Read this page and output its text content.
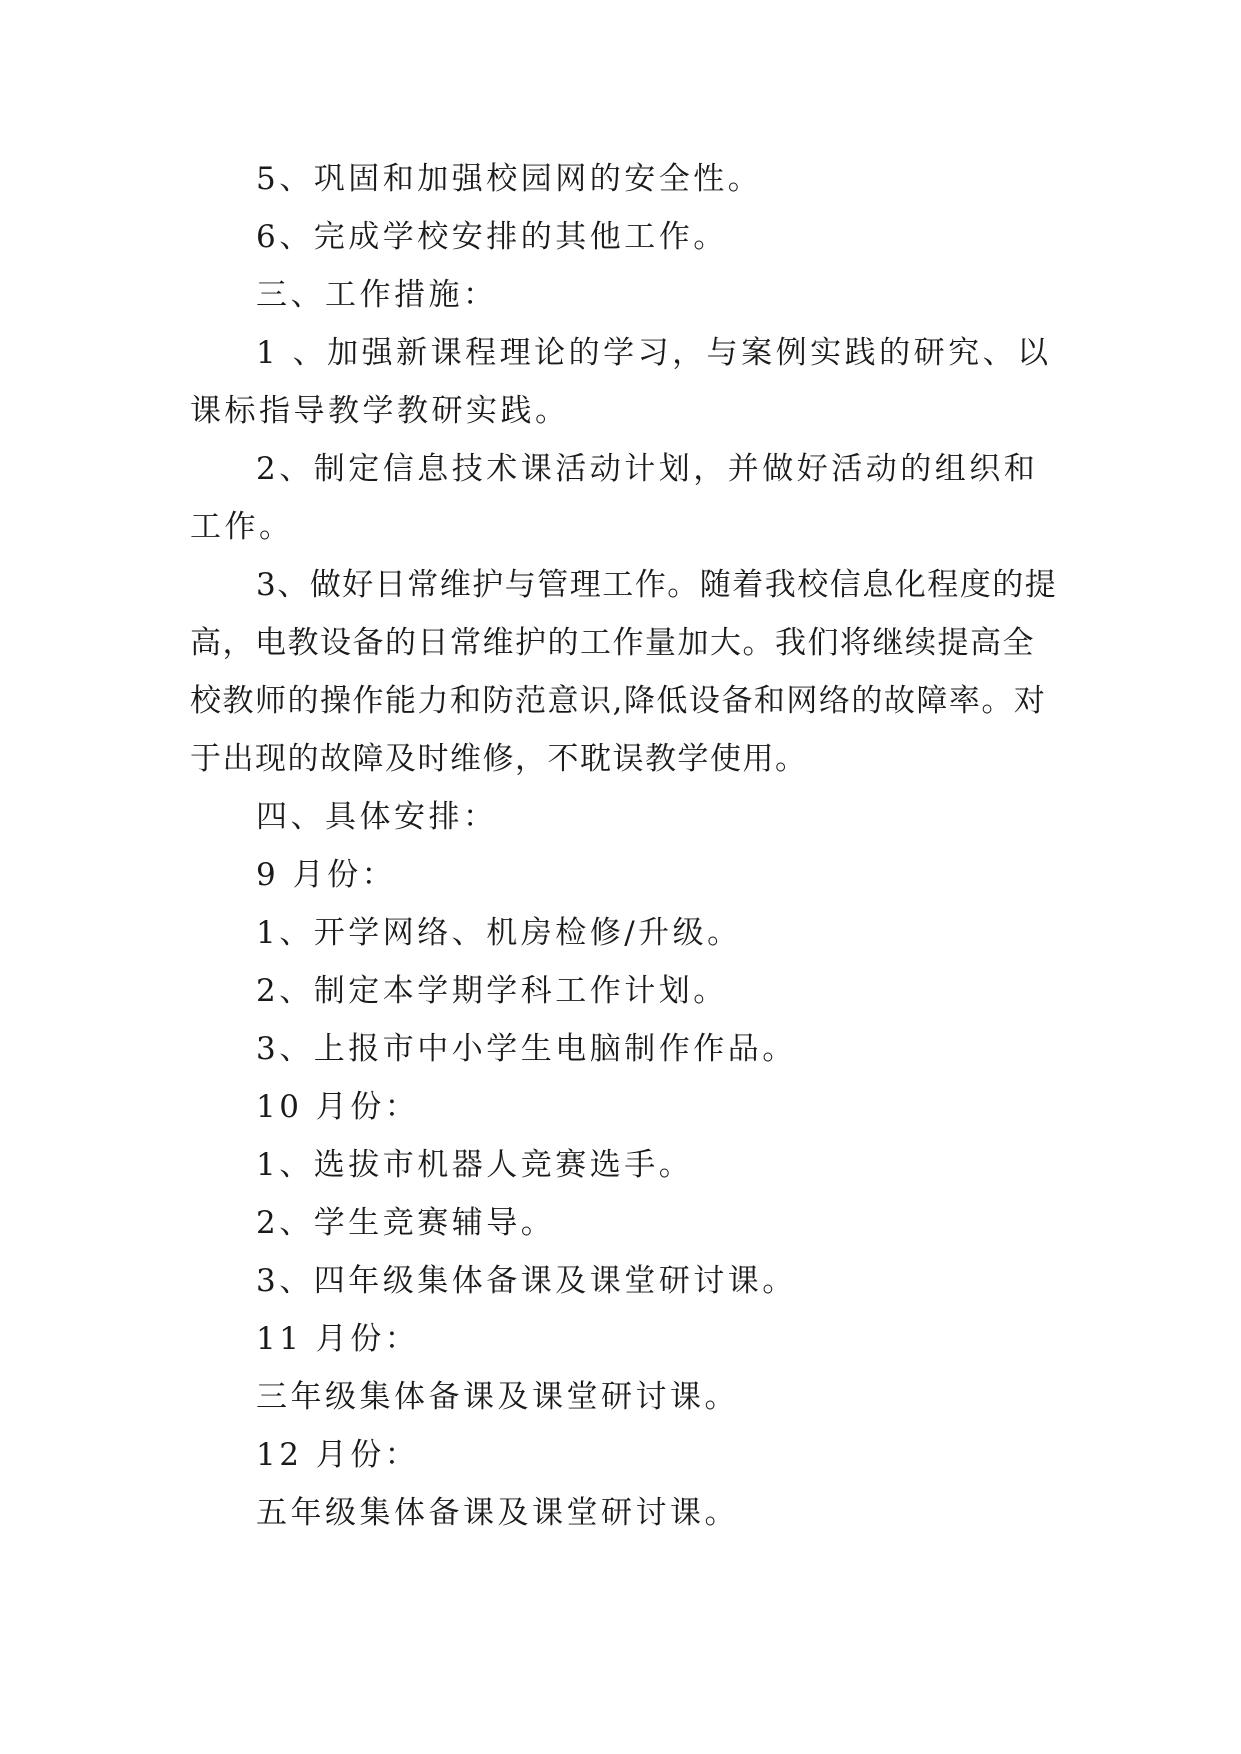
5、巩固和加强校园网的安全性。

6、完成学校安排的其他工作。

三、工作措施：

1 、加强新课程理论的学习，与案例实践的研究、以课标指导教学教研实践。

2、制定信息技术课活动计划，并做好活动的组织和工作。

3、做好日常维护与管理工作。随着我校信息化程度的提高，电教设备的日常维护的工作量加大。我们将继续提高全校教师的操作能力和防范意识,降低设备和网络的故障率。对于出现的故障及时维修，不耽误教学使用。

四、具体安排：

9 月份：

1、开学网络、机房检修/升级。

2、制定本学期学科工作计划。

3、上报市中小学生电脑制作作品。

10 月份：

1、选拔市机器人竞赛选手。

2、学生竞赛辅导。

3、四年级集体备课及课堂研讨课。

11 月份：

三年级集体备课及课堂研讨课。

12 月份：

五年级集体备课及课堂研讨课。
